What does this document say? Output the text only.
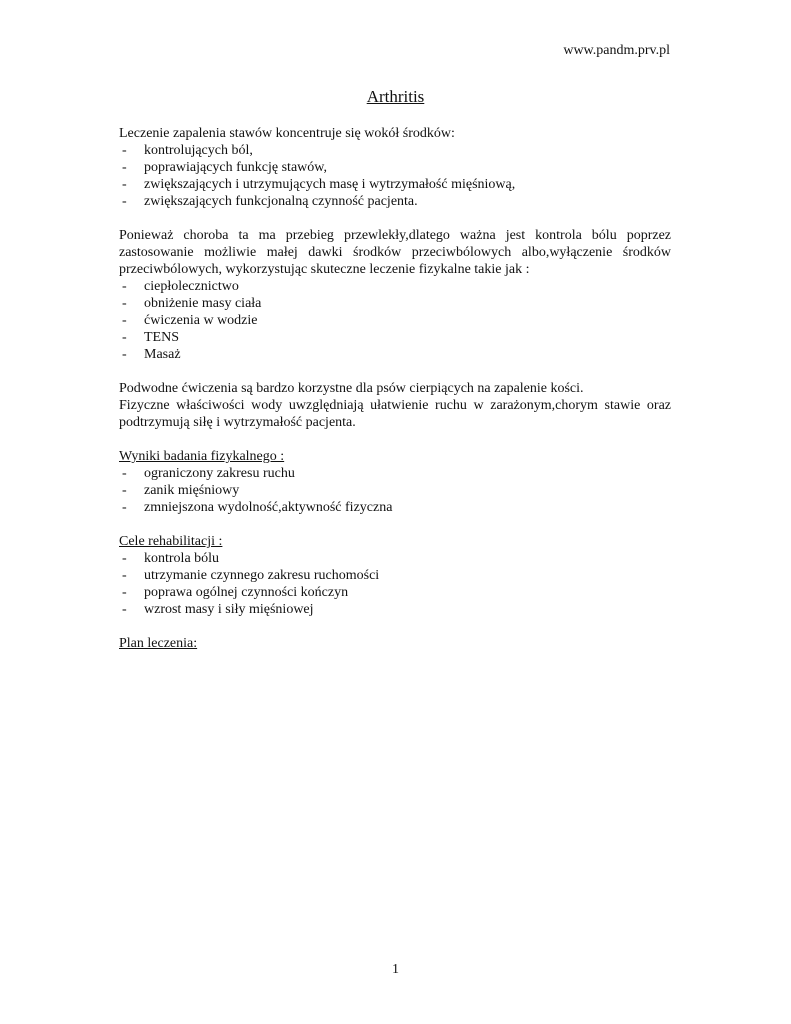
www.pandm.prv.pl
Arthritis

Leczenie zapalenia stawów koncentruje się wokół środków:

- kontrolujących ból,
- poprawiających funkcję stawów,
- zwiększających i utrzymujących masę i wytrzymałość mięśniową,
- zwiększających funkcjonalną czynność pacjenta.

Ponieważ choroba ta ma przebieg przewlekły,dlatego ważna jest kontrola bólu poprzez zastosowanie możliwie małej dawki środków przeciwbólowych albo,wyłączenie środków przeciwbólowych, wykorzystując skuteczne leczenie fizykalne takie jak :

- ciepłolecznictwo
- obniżenie masy ciała
- ćwiczenia w wodzie
- TENS
- Masaż

Podwodne ćwiczenia są bardzo korzystne dla psów cierpiących na zapalenie kości.

Fizyczne właściwości wody uwzględniają ułatwienie ruchu w zarażonym,chorym stawie oraz podtrzymują siłę i wytrzymałość pacjenta.

Wyniki badania fizykalnego :

- ograniczony zakresu ruchu
- zanik mięśniowy
- zmniejszona wydolność,aktywność fizyczna

Cele rehabilitacji :

- kontrola bólu
- utrzymanie czynnego zakresu ruchomości
- poprawa ogólnej czynności kończyn
- wzrost masy i siły mięśniowej

Plan leczenia:

1
